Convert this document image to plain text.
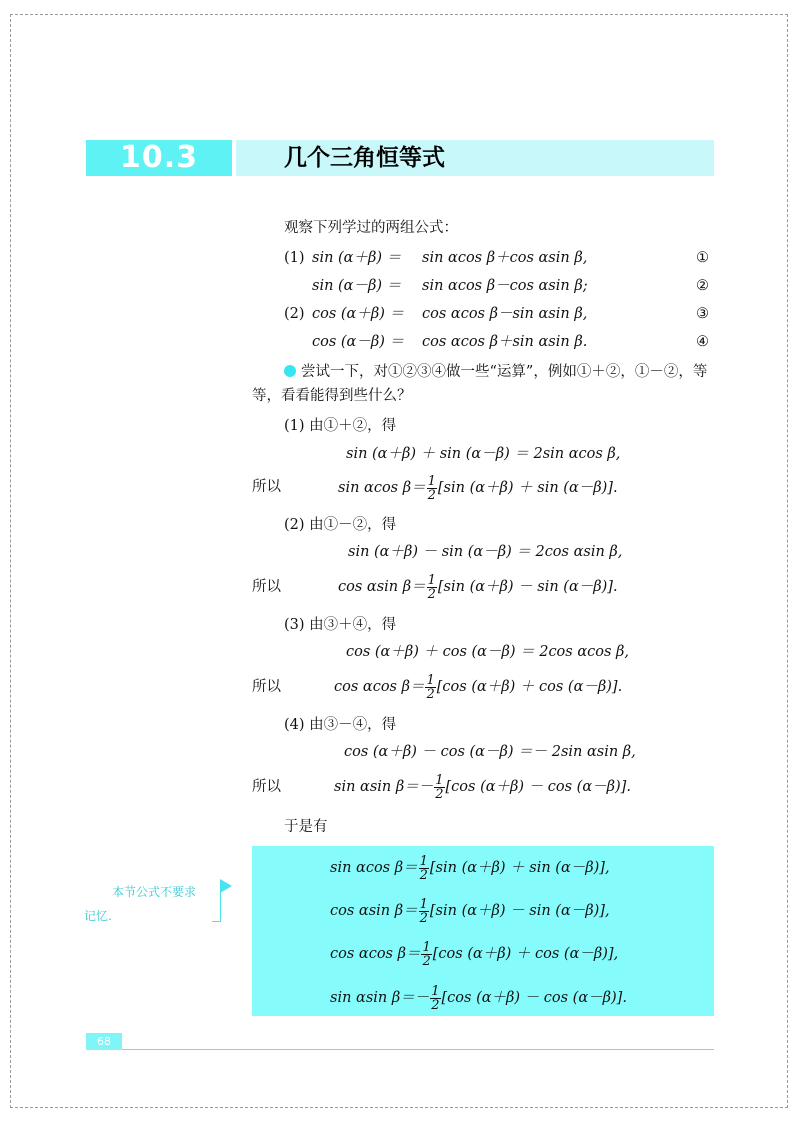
10.3	几个三角恒等式
观察下列学过的两组公式：
(1) sin (α＋β) ＝ sin αcos β＋cos αsin β,	①
sin (α－β) ＝ sin αcos β－cos αsin β;	②
(2) cos (α＋β) ＝ cos αcos β－sin αsin β,	③
cos (α－β) ＝ cos αcos β＋sin αsin β.	④
尝试一下，对①②③④做一些“运算”，例如①＋②，①－②，等
等，看看能得到些什么？
(1) 由①＋②，得
sin (α＋β) ＋ sin (α－β) ＝ 2sin αcos β,
所以	sin αcos $\beta= \frac{1}{2} [\sin$ (α＋β) ＋ sin (α－β)].
(2) 由①－②，得
sin (α＋β) － sin (α－β) ＝ 2cos αsin β,
所以	cos αsin $\beta= \frac{1}{2} [\sin$ (α＋β) － sin (α－β)].
(3) 由③＋④，得
cos (α＋β) ＋ cos (α－β) ＝ 2cos αcos β,
所以	cos αcos $\beta= \frac{1}{2} [\cos$ (α＋β) ＋ cos (α－β)].
(4) 由③－④，得
cos (α＋β) － cos (α－β) ＝－ 2sin αsin β,
所以	sin αsin $\beta=- \frac{1}{2} [\cos$ (α＋β) － cos (α－β)].
于是有
sin αcos $\beta= \frac{1}{2} [\sin$ (α＋β) ＋ sin (α－β)],
cos αsin $\beta= \frac{1}{2} [\sin$ (α＋β) － sin (α－β)],
cos αcos $\beta= \frac{1}{2} [\cos$ (α＋β) ＋ cos (α－β)],
sin αsin $\beta=- \frac{1}{2} [\cos$ (α＋β) － cos (α－β)].
本节公式不要求
记忆.
68
